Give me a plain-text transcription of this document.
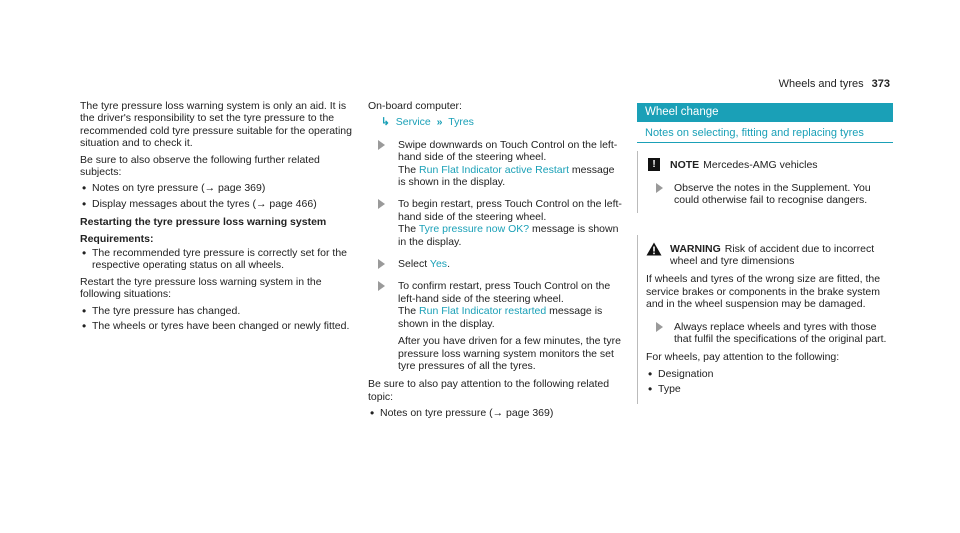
Wheels and tyres 373

The tyre pressure loss warning system is only an aid. It is the driver's responsibility to set the tyre pressure to the recommended cold tyre pressure suitable for the operating situation and to check it.

Be sure to also observe the following further related subjects:

• Notes on tyre pressure (→ page 369)
• Display messages about the tyres (→ page 466)
Restarting the tyre pressure loss warning system
Requirements:
• The recommended tyre pressure is correctly set for the respective operating status on all wheels.

Restart the tyre pressure loss warning system in the following situations:

• The tyre pressure has changed.
• The wheels or tyres have been changed or newly fitted.

On-board computer:

↳ Service » Tyres
Swipe downwards on Touch Control on the left-hand side of the steering wheel.
The Run Flat Indicator active Restart message is shown in the display.
To begin restart, press Touch Control on the left-hand side of the steering wheel.
The Tyre pressure now OK? message is shown in the display.
Select Yes.
To confirm restart, press Touch Control on the left-hand side of the steering wheel.
The Run Flat Indicator restarted message is shown in the display.
After you have driven for a few minutes, the tyre pressure loss warning system monitors the set tyre pressures of all the tyres.

Be sure to also pay attention to the following related topic:

• Notes on tyre pressure (→ page 369)
Wheel change
Notes on selecting, fitting and replacing tyres
!	NOTE Mercedes-AMG vehicles
Observe the notes in the Supplement. You could otherwise fail to recognise dangers.
WARNING Risk of accident due to incorrect wheel and tyre dimensions

If wheels and tyres of the wrong size are fitted, the service brakes or components in the brake system and in the wheel suspension may be damaged.

Always replace wheels and tyres with those that fulfil the specifications of the original part.

For wheels, pay attention to the following:

• Designation
• Type
